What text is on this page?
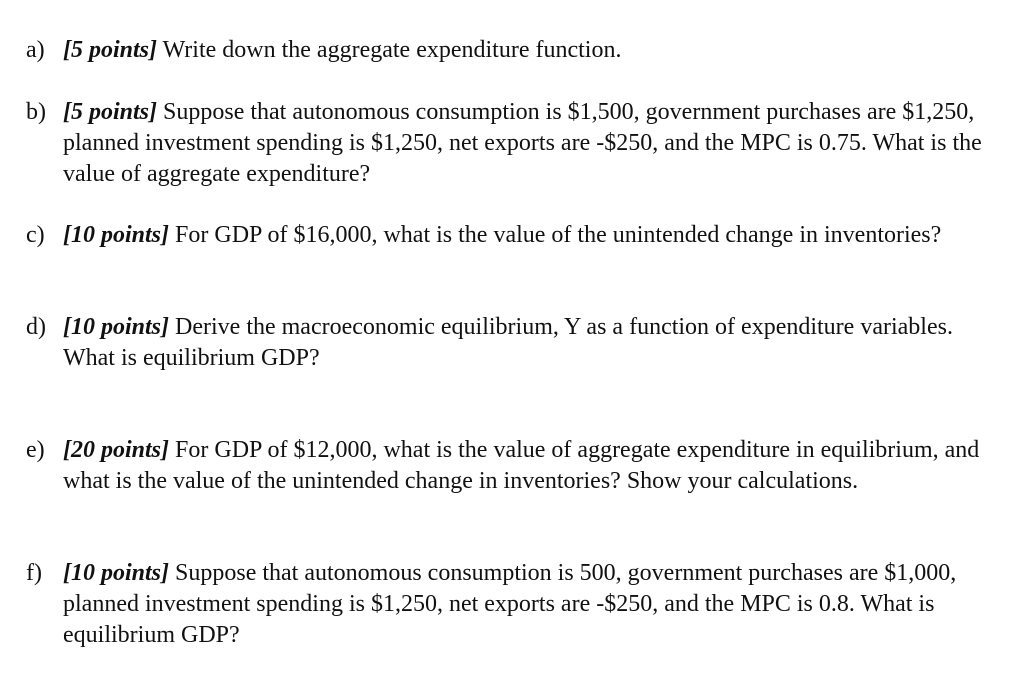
a) [5 points] Write down the aggregate expenditure function.
b) [5 points] Suppose that autonomous consumption is $1,500, government purchases are $1,250, planned investment spending is $1,250, net exports are -$250, and the MPC is 0.75. What is the value of aggregate expenditure?
c) [10 points] For GDP of $16,000, what is the value of the unintended change in inventories?
d) [10 points] Derive the macroeconomic equilibrium, Y as a function of expenditure variables. What is equilibrium GDP?
e) [20 points] For GDP of $12,000, what is the value of aggregate expenditure in equilibrium, and what is the value of the unintended change in inventories? Show your calculations.
f) [10 points] Suppose that autonomous consumption is 500, government purchases are $1,000, planned investment spending is $1,250, net exports are -$250, and the MPC is 0.8. What is equilibrium GDP?
